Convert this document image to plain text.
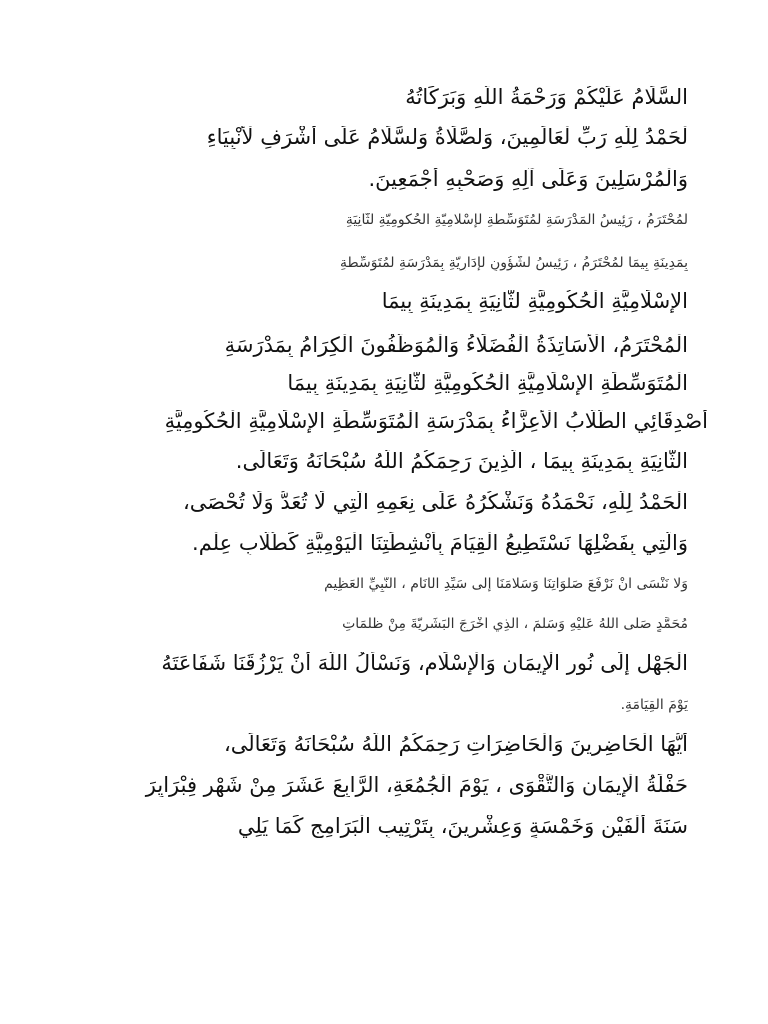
السَّلَامُ عَلَيْكُمْ وَرَحْمَةُ اللَّهِ وَبَرَكَاتُهُ
لْحَمْدُ لِلَّهِ رَبِّ لْعَالَمِينَ، وَلصَّلَاةُ وَلسَّلَامُ عَلَى أَشْرَفِ لْأَنْبِيَاءِ
وَالْمُرْسَلِينَ وَعَلَى آلِهِ وَصَحْبِهِ أَجْمَعِينَ.
لْمُحْتَرَمُ ، رَئِيسُ الْمَدْرَسَةِ لْمُتَوَسِّطَةِ لْإِسْلَامِيَّةِ الْحُكُومِيَّةِ لثَّانِيَةِ
بِمَدِينَةِ بِيمَا لْمُحْتَرَمُ ، رَئِيسُ لشُّؤُونِ لْإِدَارِيَّةِ بِمَدْرَسَةِ لْمُتَوَسِّطَةِ
الإِسْلَامِيَّةِ الْحُكُومِيَّةِ لثَّانِيَةِ بِمَدِينَةِ بِيمَا
الْمُحْتَرَمُ، الْأَسَاتِذَةُ الْفُضَلَاءُ وَالْمُوَظَّفُونَ الْكِرَامُ بِمَدْرَسَةِ
الْمُتَوَسِّطَةِ الإِسْلَامِيَّةِ الْحُكُومِيَّةِ لثَّانِيَةِ بِمَدِينَةِ بِيمَا
أَصْدِقَائِي الطُّلَّابُ الْأَعِزَّاءُ بِمَدْرَسَةِ الْمُتَوَسِّطَةِ الإِسْلَامِيَّةِ الْحُكُومِيَّةِ
الثَّانِيَةِ بِمَدِينَةِ بِيمَا ، الَّذِينَ رَحِمَكُمُ اللَّهُ سُبْحَانَهُ وَتَعَالَى.
الْحَمْدُ لِلَّهِ، نَحْمَدُهُ وَنَشْكُرُهُ عَلَى نِعَمِهِ الَّتِي لَا تُعَدُّ وَلَا تُحْصَى،
وَالَّتِي بِفَضْلِهَا نَسْتَطِيعُ الْقِيَامَ بِأَنْشِطَتِنَا الْيَوْمِيَّةِ كَطُلَّابِ عِلْمٍ.
وَلَا نَنْسَى أَنْ نَرْفَعَ صَلَوَاتِنَا وَسَلَامَنَا إِلَى سَيِّدِ الْأَنَامِ ، النَّبِيِّ الْعَظِيمِ
مُحَمَّدٍ صَلَّى اللَّهُ عَلَيْهِ وَسَلَّمَ ، الَّذِي أَخْرَجَ الْبَشَرِيَّةَ مِنْ ظُلُمَاتِ
الْجَهْلِ إِلَى نُورِ الْإِيمَانِ وَالْإِسْلَامِ، وَنَسْأَلُ اللَّهَ أَنْ يَرْزُقَنَا شَفَاعَتَهُ
يَوْمَ الْقِيَامَةِ.
أَيُّهَا الْحَاضِرِينَ وَالْحَاضِرَاتِ رَحِمَكُمُ اللَّهُ سُبْحَانَهُ وَتَعَالَى،
حَفْلَةُ الْإِيمَانِ وَالتَّقْوَى ، يَوْمَ الْجُمُعَةِ، الرَّابِعَ عَشَرَ مِنْ شَهْرِ فِبْرَايِرَ
سَنَةَ أَلْفَيْنِ وَخَمْسَةٍ وَعِشْرِينَ، بِتَرْتِيبِ الْبَرَامِجِ كَمَا يَلِي
